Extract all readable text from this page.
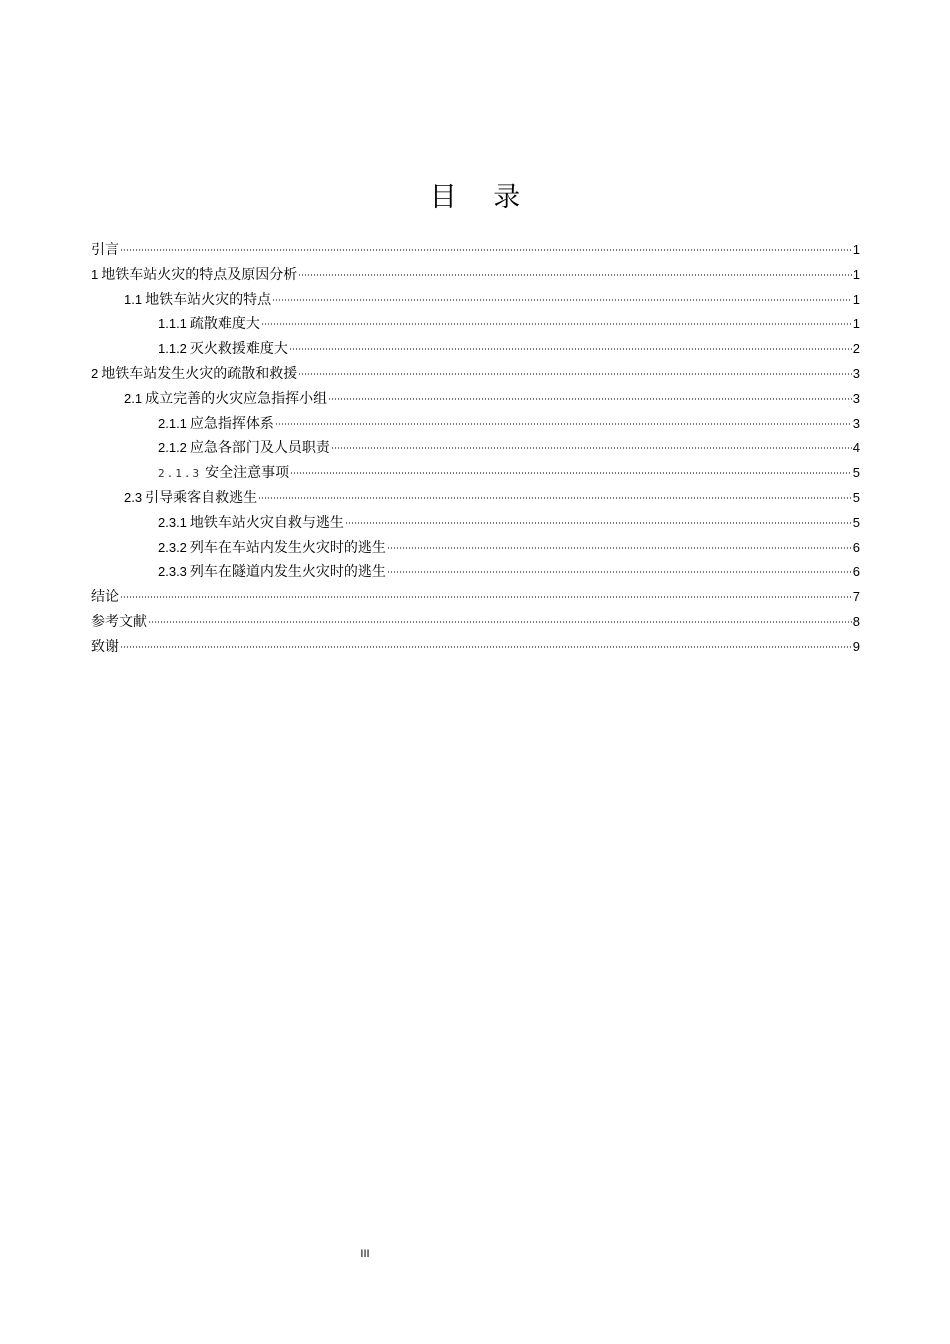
目 录
引言	1
1 地铁车站火灾的特点及原因分析	1
1.1 地铁车站火灾的特点	1
1.1.1 疏散难度大	1
1.1.2 灭火救援难度大	2
2 地铁车站发生火灾的疏散和救援	3
2.1 成立完善的火灾应急指挥小组	3
2.1.1 应急指挥体系	3
2.1.2 应急各部门及人员职责	4
2.1.3 安全注意事项	5
2.3 引导乘客自救逃生	5
2.3.1 地铁车站火灾自救与逃生	5
2.3.2 列车在车站内发生火灾时的逃生	6
2.3.3 列车在隧道内发生火灾时的逃生	6
结论	7
参考文献	8
致谢	9
III
